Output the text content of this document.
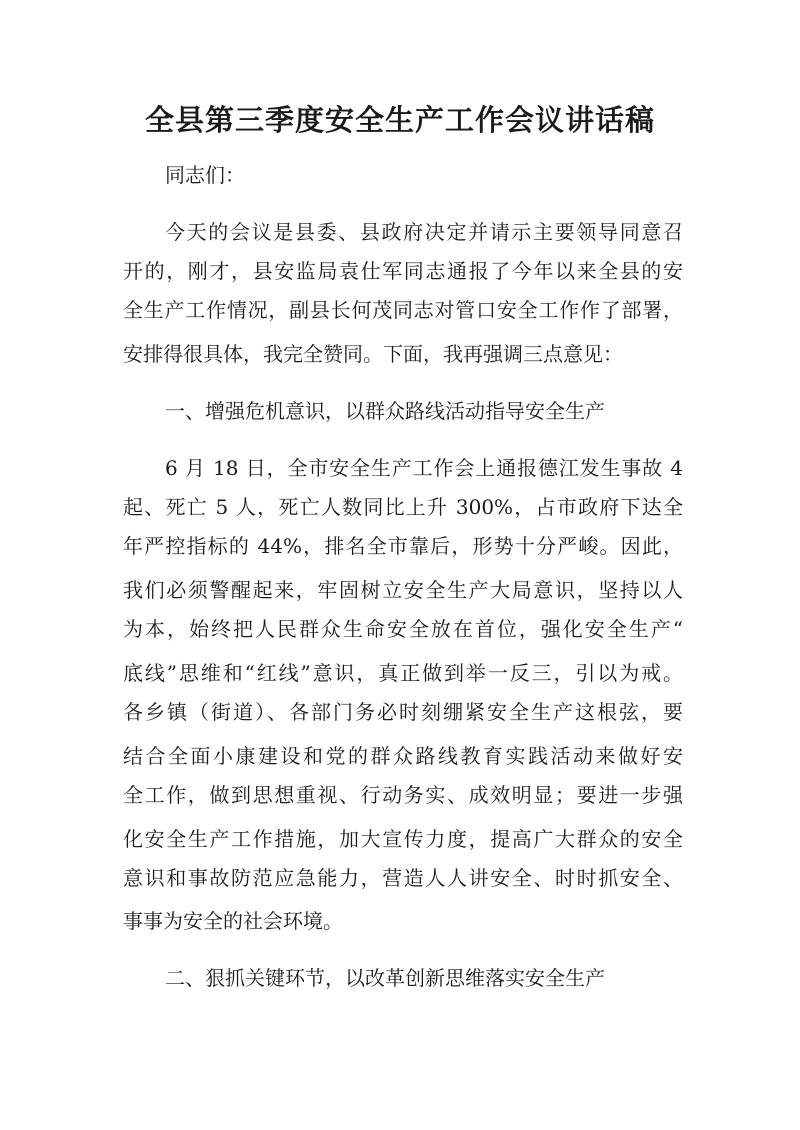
全县第三季度安全生产工作会议讲话稿
同志们：
今天的会议是县委、县政府决定并请示主要领导同意召
开的，刚才，县安监局袁仕军同志通报了今年以来全县的安
全生产工作情况，副县长何茂同志对管口安全工作作了部署，
安排得很具体，我完全赞同。下面，我再强调三点意见：
一、增强危机意识，以群众路线活动指导安全生产
6 月 18 日，全市安全生产工作会上通报德江发生事故 4
起、死亡 5 人，死亡人数同比上升 300%，占市政府下达全
年严控指标的 44%，排名全市靠后，形势十分严峻。因此，
我们必须警醒起来，牢固树立安全生产大局意识，坚持以人
为本，始终把人民群众生命安全放在首位，强化安全生产“
底线”思维和“红线”意识，真正做到举一反三，引以为戒。
各乡镇（街道）、各部门务必时刻绷紧安全生产这根弦，要
结合全面小康建设和党的群众路线教育实践活动来做好安
全工作，做到思想重视、行动务实、成效明显；要进一步强
化安全生产工作措施，加大宣传力度，提高广大群众的安全
意识和事故防范应急能力，营造人人讲安全、时时抓安全、
事事为安全的社会环境。
二、狠抓关键环节，以改革创新思维落实安全生产
